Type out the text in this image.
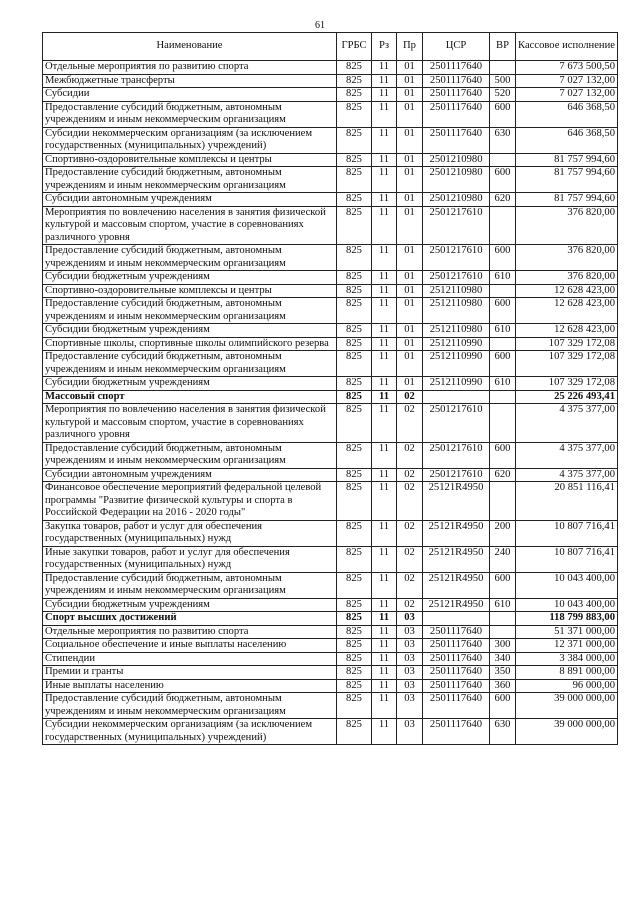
61
Наименование	ГРБС	Рз	Пр	ЦСР	ВР	Кассовое исполнение
Отдельные мероприятия по развитию спорта	825	11	01	2501117640		7 673 500,50
Межбюджетные трансферты	825	11	01	2501117640	500	7 027 132,00
Субсидии	825	11	01	2501117640	520	7 027 132,00
Предоставление субсидий бюджетным, автономным учреждениям и иным некоммерческим организациям	825	11	01	2501117640	600	646 368,50
Субсидии некоммерческим организациям (за исключением государственных (муниципальных) учреждений)	825	11	01	2501117640	630	646 368,50
Спортивно-оздоровительные комплексы и центры	825	11	01	2501210980		81 757 994,60
Предоставление субсидий бюджетным, автономным учреждениям и иным некоммерческим организациям	825	11	01	2501210980	600	81 757 994,60
Субсидии автономным учреждениям	825	11	01	2501210980	620	81 757 994,60
Мероприятия по вовлечению населения в занятия физической культурой и массовым спортом, участие в соревнованиях различного уровня	825	11	01	2501217610		376 820,00
Предоставление субсидий бюджетным, автономным учреждениям и иным некоммерческим организациям	825	11	01	2501217610	600	376 820,00
Субсидии бюджетным учреждениям	825	11	01	2501217610	610	376 820,00
Спортивно-оздоровительные комплексы и центры	825	11	01	2512110980		12 628 423,00
Предоставление субсидий бюджетным, автономным учреждениям и иным некоммерческим организациям	825	11	01	2512110980	600	12 628 423,00
Субсидии бюджетным учреждениям	825	11	01	2512110980	610	12 628 423,00
Спортивные школы, спортивные школы олимпийского резерва	825	11	01	2512110990		107 329 172,08
Предоставление субсидий бюджетным, автономным учреждениям и иным некоммерческим организациям	825	11	01	2512110990	600	107 329 172,08
Субсидии бюджетным учреждениям	825	11	01	2512110990	610	107 329 172,08
Массовый спорт	825	11	02			25 226 493,41
Мероприятия по вовлечению населения в занятия физической культурой и массовым спортом, участие в соревнованиях различного уровня	825	11	02	2501217610		4 375 377,00
Предоставление субсидий бюджетным, автономным учреждениям и иным некоммерческим организациям	825	11	02	2501217610	600	4 375 377,00
Субсидии автономным учреждениям	825	11	02	2501217610	620	4 375 377,00
Финансовое обеспечение мероприятий федеральной целевой программы "Развитие физической культуры и спорта в Российской Федерации на 2016 - 2020 годы"	825	11	02	25121R4950		20 851 116,41
Закупка товаров, работ и услуг для обеспечения государственных (муниципальных) нужд	825	11	02	25121R4950	200	10 807 716,41
Иные закупки товаров, работ и услуг для обеспечения государственных (муниципальных) нужд	825	11	02	25121R4950	240	10 807 716,41
Предоставление субсидий бюджетным, автономным учреждениям и иным некоммерческим организациям	825	11	02	25121R4950	600	10 043 400,00
Субсидии бюджетным учреждениям	825	11	02	25121R4950	610	10 043 400,00
Спорт высших достижений	825	11	03			118 799 883,00
Отдельные мероприятия по развитию спорта	825	11	03	2501117640		51 371 000,00
Социальное обеспечение и иные выплаты населению	825	11	03	2501117640	300	12 371 000,00
Стипендии	825	11	03	2501117640	340	3 384 000,00
Премии и гранты	825	11	03	2501117640	350	8 891 000,00
Иные выплаты населению	825	11	03	2501117640	360	96 000,00
Предоставление субсидий бюджетным, автономным учреждениям и иным некоммерческим организациям	825	11	03	2501117640	600	39 000 000,00
Субсидии некоммерческим организациям (за исключением государственных (муниципальных) учреждений)	825	11	03	2501117640	630	39 000 000,00
